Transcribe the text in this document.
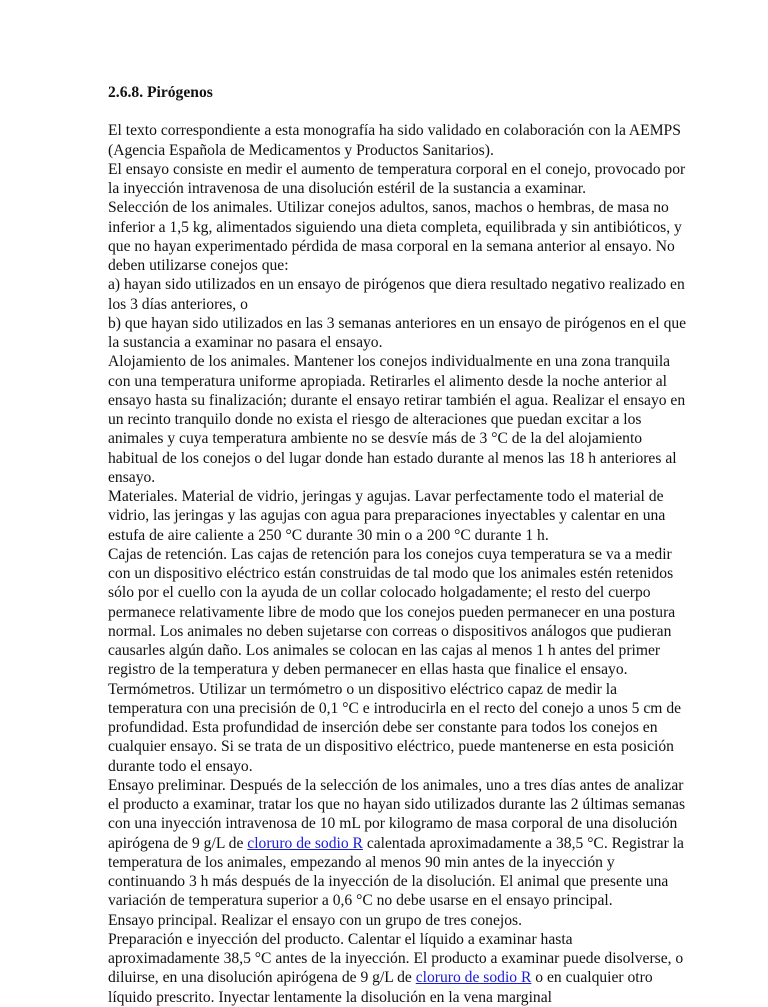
2.6.8. Pirógenos

El texto correspondiente a esta monografía ha sido validado en colaboración con la AEMPS (Agencia Española de Medicamentos y Productos Sanitarios).

El ensayo consiste en medir el aumento de temperatura corporal en el conejo, provocado por la inyección intravenosa de una disolución estéril de la sustancia a examinar.

Selección de los animales. Utilizar conejos adultos, sanos, machos o hembras, de masa no inferior a 1,5 kg, alimentados siguiendo una dieta completa, equilibrada y sin antibióticos, y que no hayan experimentado pérdida de masa corporal en la semana anterior al ensayo. No deben utilizarse conejos que:

a) hayan sido utilizados en un ensayo de pirógenos que diera resultado negativo realizado en los 3 días anteriores, o

b) que hayan sido utilizados en las 3 semanas anteriores en un ensayo de pirógenos en el que la sustancia a examinar no pasara el ensayo.

Alojamiento de los animales. Mantener los conejos individualmente en una zona tranquila con una temperatura uniforme apropiada. Retirarles el alimento desde la noche anterior al ensayo hasta su finalización; durante el ensayo retirar también el agua. Realizar el ensayo en un recinto tranquilo donde no exista el riesgo de alteraciones que puedan excitar a los animales y cuya temperatura ambiente no se desvíe más de 3 °C de la del alojamiento habitual de los conejos o del lugar donde han estado durante al menos las 18 h anteriores al ensayo.

Materiales. Material de vidrio, jeringas y agujas. Lavar perfectamente todo el material de vidrio, las jeringas y las agujas con agua para preparaciones inyectables y calentar en una estufa de aire caliente a 250 °C durante 30 min o a 200 °C durante 1 h.

Cajas de retención. Las cajas de retención para los conejos cuya temperatura se va a medir con un dispositivo eléctrico están construidas de tal modo que los animales estén retenidos sólo por el cuello con la ayuda de un collar colocado holgadamente; el resto del cuerpo permanece relativamente libre de modo que los conejos pueden permanecer en una postura normal. Los animales no deben sujetarse con correas o dispositivos análogos que pudieran causarles algún daño. Los animales se colocan en las cajas al menos 1 h antes del primer registro de la temperatura y deben permanecer en ellas hasta que finalice el ensayo.

Termómetros. Utilizar un termómetro o un dispositivo eléctrico capaz de medir la temperatura con una precisión de 0,1 °C e introducirla en el recto del conejo a unos 5 cm de profundidad. Esta profundidad de inserción debe ser constante para todos los conejos en cualquier ensayo. Si se trata de un dispositivo eléctrico, puede mantenerse en esta posición durante todo el ensayo.

Ensayo preliminar. Después de la selección de los animales, uno a tres días antes de analizar el producto a examinar, tratar los que no hayan sido utilizados durante las 2 últimas semanas con una inyección intravenosa de 10 mL por kilogramo de masa corporal de una disolución apirógena de 9 g/L de cloruro de sodio R calentada aproximadamente a 38,5 °C. Registrar la temperatura de los animales, empezando al menos 90 min antes de la inyección y continuando 3 h más después de la inyección de la disolución. El animal que presente una variación de temperatura superior a 0,6 °C no debe usarse en el ensayo principal.

Ensayo principal. Realizar el ensayo con un grupo de tres conejos.

Preparación e inyección del producto. Calentar el líquido a examinar hasta aproximadamente 38,5 °C antes de la inyección. El producto a examinar puede disolverse, o diluirse, en una disolución apirógena de 9 g/L de cloruro de sodio R o en cualquier otro líquido prescrito. Inyectar lentamente la disolución en la vena marginal
